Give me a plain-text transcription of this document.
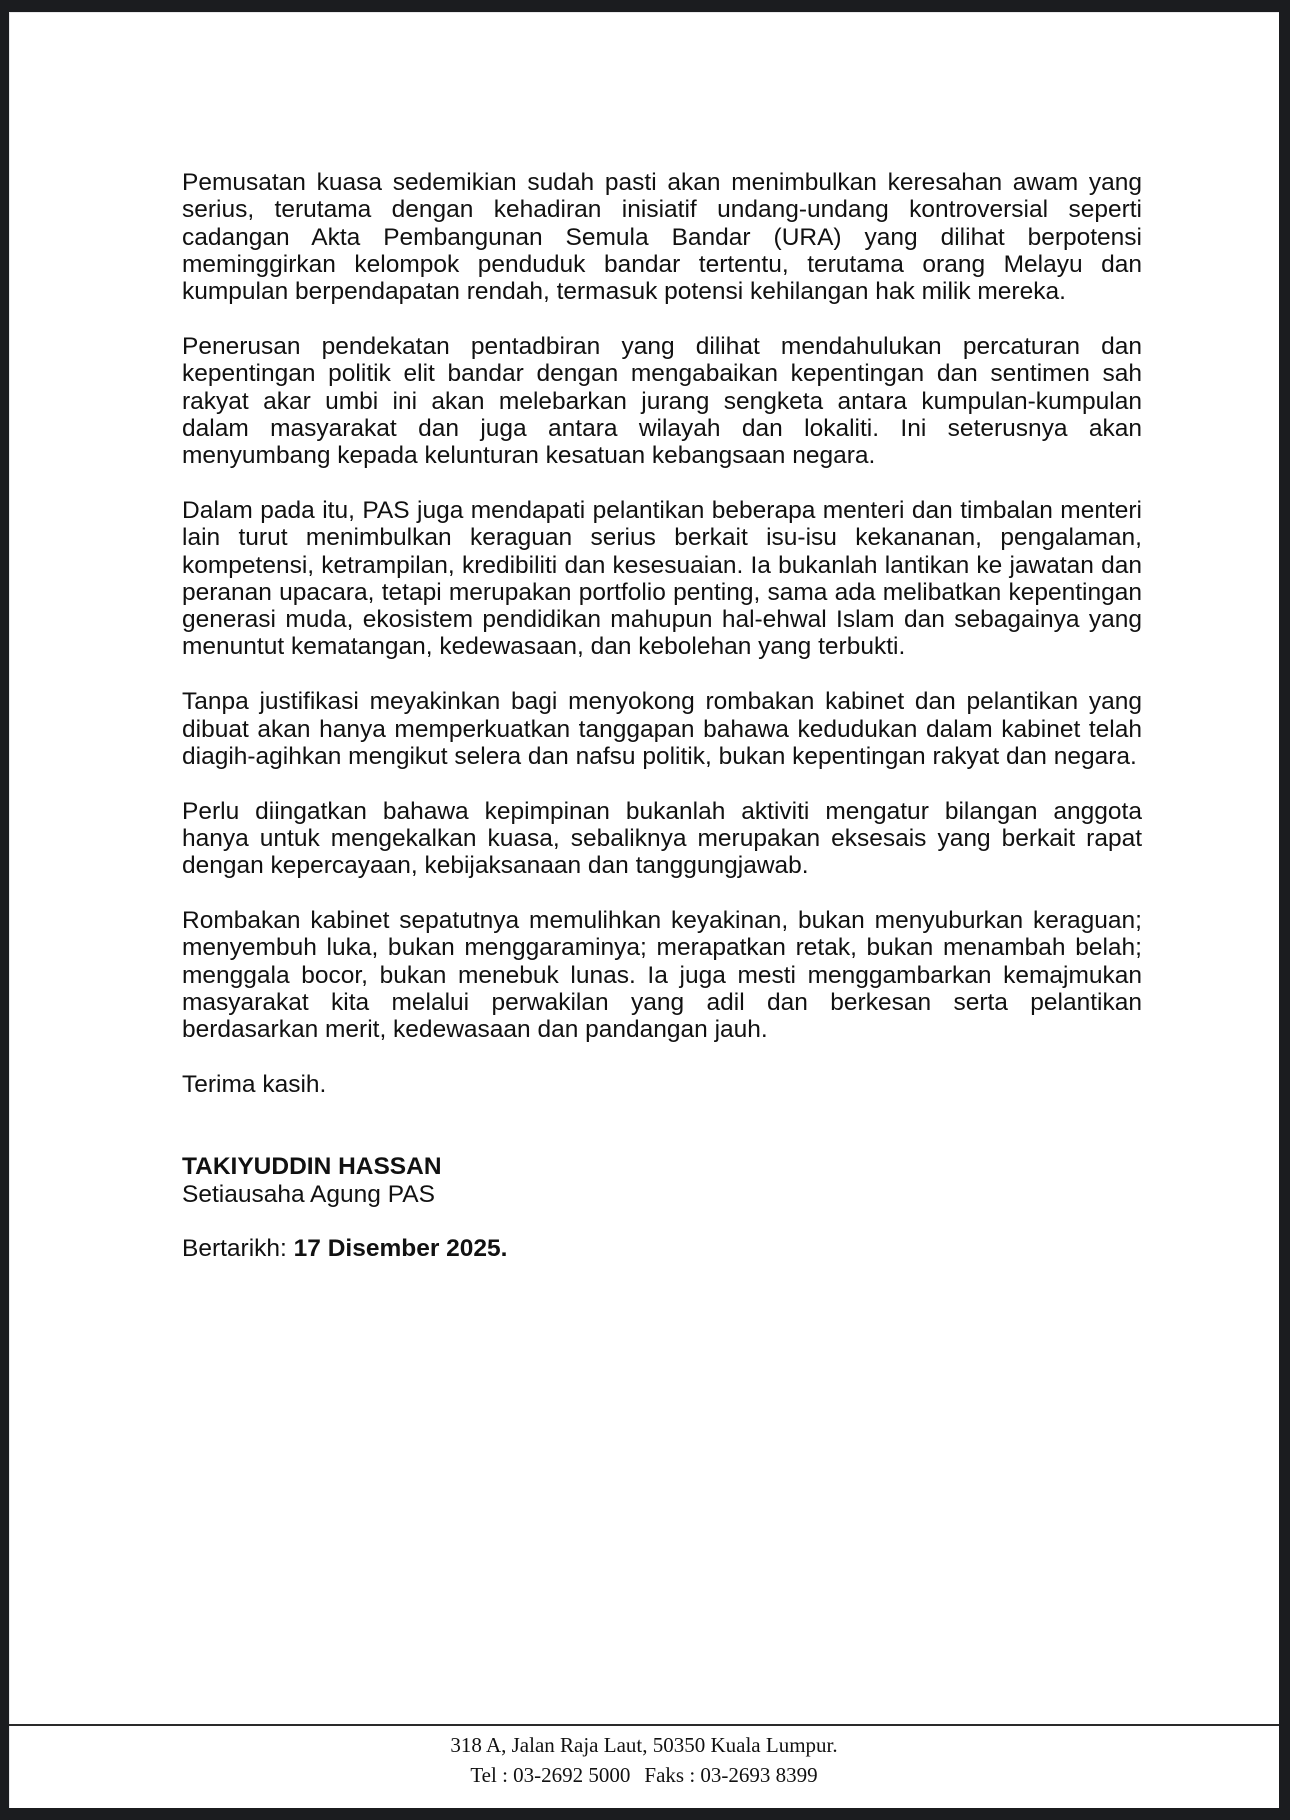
Pemusatan kuasa sedemikian sudah pasti akan menimbulkan keresahan awam yang serius, terutama dengan kehadiran inisiatif undang-undang kontroversial seperti cadangan Akta Pembangunan Semula Bandar (URA) yang dilihat berpotensi meminggirkan kelompok penduduk bandar tertentu, terutama orang Melayu dan kumpulan berpendapatan rendah, termasuk potensi kehilangan hak milik mereka.

Penerusan pendekatan pentadbiran yang dilihat mendahulukan percaturan dan kepentingan politik elit bandar dengan mengabaikan kepentingan dan sentimen sah rakyat akar umbi ini akan melebarkan jurang sengketa antara kumpulan-kumpulan dalam masyarakat dan juga antara wilayah dan lokaliti. Ini seterusnya akan menyumbang kepada kelunturаn kesatuan kebangsaan negara.

Dalam pada itu, PAS juga mendapati pelantikan beberapa menteri dan timbalan menteri lain turut menimbulkan keraguan serius berkait isu-isu kekananan, pengalaman, kompetensi, ketrampilan, kredibiliti dan kesesuaian. Ia bukanlah lantikan ke jawatan dan peranan upacara, tetapi merupakan portfolio penting, sama ada melibatkan kepentingan generasi muda, ekosistem pendidikan mahupun hal-ehwal Islam dan sebagainya yang menuntut kematangan, kedewasaan, dan kebolehan yang terbukti.

Tanpa justifikasi meyakinkan bagi menyokong rombakan kabinet dan pelantikan yang dibuat akan hanya memperkuatkan tanggapan bahawa kedudukan dalam kabinet telah diagih-agihkan mengikut selera dan nafsu politik, bukan kepentingan rakyat dan negara.

Perlu diingatkan bahawa kepimpinan bukanlah aktiviti mengatur bilangan anggota hanya untuk mengekalkan kuasa, sebaliknya merupakan eksesais yang berkait rapat dengan kepercayaan, kebijaksanaan dan tanggungjawab.

Rombakan kabinet sepatutnya memulihkan keyakinan, bukan menyuburkan keraguan; menyembuh luka, bukan menggaraminya; merapatkan retak, bukan menambah belah; menggala bocor, bukan menebuk lunas. Ia juga mesti menggambarkan kemajmukan masyarakat kita melalui perwakilan yang adil dan berkesan serta pelantikan berdasarkan merit, kedewasaan dan pandangan jauh.

Terima kasih.

TAKIYUDDIN HASSAN

Setiausaha Agung PAS

Bertarikh: 17 Disember 2025.

318 A, Jalan Raja Laut, 50350 Kuala Lumpur.
Tel : 03-2692 5000 Faks : 03-2693 8399
